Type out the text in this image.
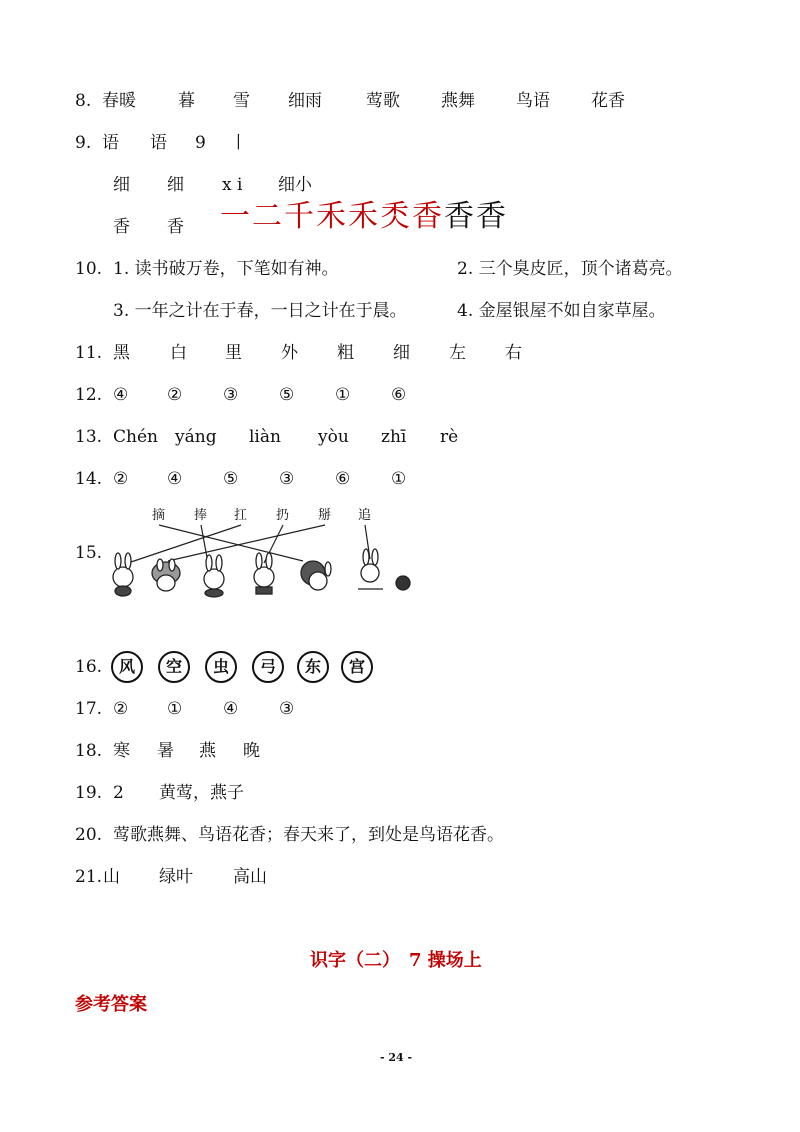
8. 春暖 暮 雪 细雨	莺歌 燕舞 鸟语 花香
9. 语 语 9 丨
细 细 x i 细小
香 香 一 二 千 禾 禾 秂 香 香 香
10. 1. 读书破万卷，下笔如有神。	2. 三个臭皮匠，顶个诸葛亮。
3. 一年之计在于春，一日之计在于晨。	4. 金屋银屋不如自家草屋。
11. 黑 白 里 外 粗 细 左 右
12. ④ ② ③ ⑤ ① ⑥
13. Chén yáng liàn yòu zhī rè
14. ② ④ ⑤ ③ ⑥ ①
15.
摘 捧 扛 扔 掰 追
16.	风	空	虫	弓	东	宫
17. ② ① ④ ③
18. 寒 暑 燕 晚
19. 2 黄莺，燕子
20. 莺歌燕舞、鸟语花香；春天来了，到处是鸟语花香。
21. 山 绿叶 高山
识字（二）　7 操场上
参考答案
- 24 -
